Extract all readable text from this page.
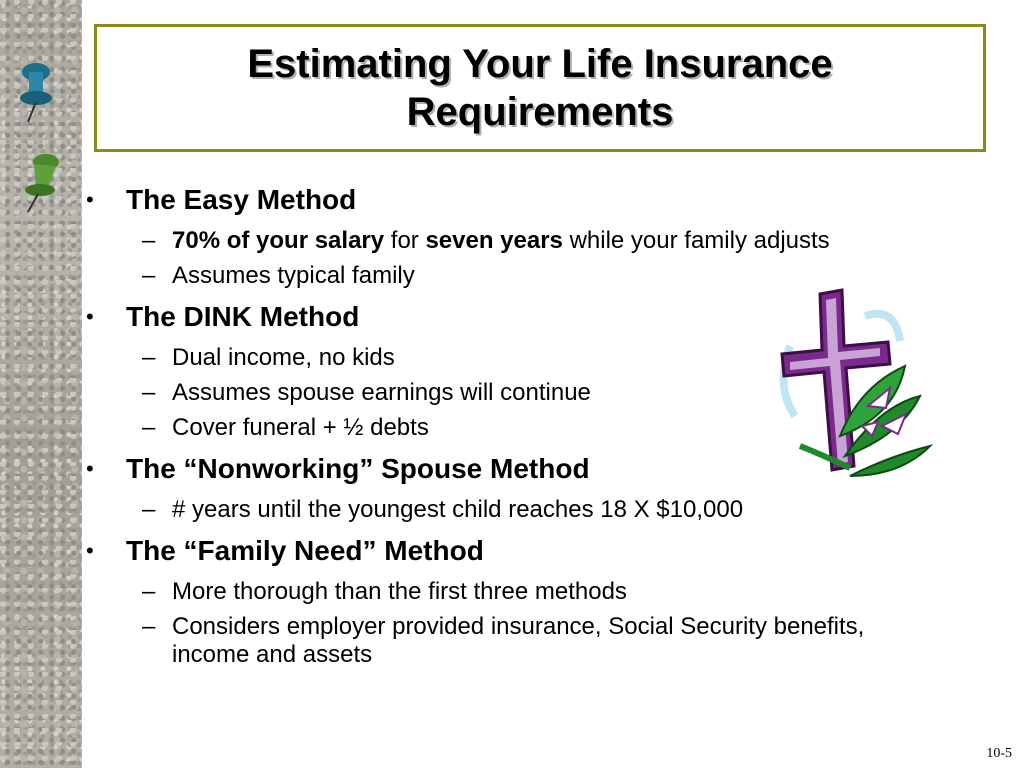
Estimating Your Life Insurance
Requirements
• The Easy Method
– 70% of your salary for seven years while your family adjusts
– Assumes typical family
• The DINK Method
– Dual income, no kids
– Assumes spouse earnings will continue
– Cover funeral + ½ debts
• The “Nonworking” Spouse Method
– # years until the youngest child reaches 18 X $10,000
• The “Family Need” Method
– More thorough than the first three methods
– Considers employer provided insurance, Social Security benefits,
income and assets
10-5
